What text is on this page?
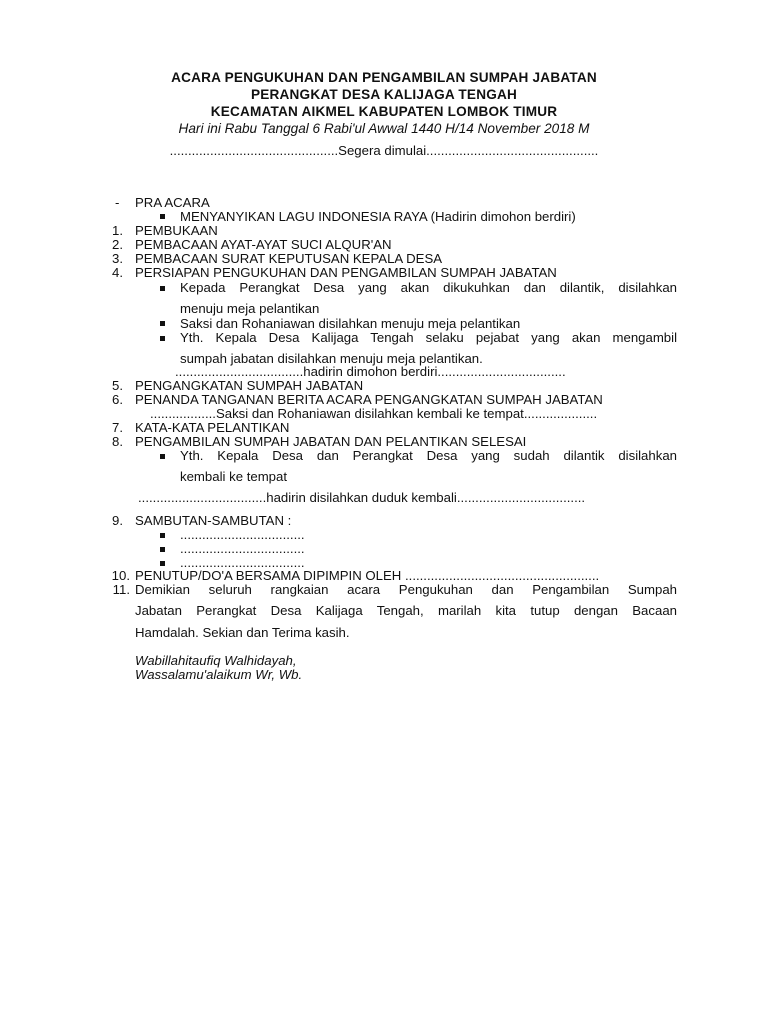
ACARA PENGUKUHAN DAN PENGAMBILAN SUMPAH JABATAN
PERANGKAT DESA KALIJAGA TENGAH
KECAMATAN AIKMEL KABUPATEN LOMBOK TIMUR
Hari ini Rabu Tanggal 6 Rabi'ul Awwal 1440 H/14 November 2018 M
..............................................Segera dimulai...............................................
- PRA ACARA
MENYANYIKAN LAGU INDONESIA RAYA (Hadirin dimohon berdiri)
1. PEMBUKAAN
2. PEMBACAAN AYAT-AYAT SUCI ALQUR'AN
3. PEMBACAAN SURAT KEPUTUSAN KEPALA DESA
4. PERSIAPAN PENGUKUHAN DAN PENGAMBILAN SUMPAH JABATAN
Kepada Perangkat Desa yang akan dikukuhkan dan dilantik, disilahkan
menuju meja pelantikan
Saksi dan Rohaniawan disilahkan menuju meja pelantikan
Yth. Kepala Desa Kalijaga Tengah selaku pejabat yang akan mengambil
sumpah jabatan disilahkan menuju meja pelantikan.
...................................hadirin dimohon berdiri...................................
5. PENGANGKATAN SUMPAH JABATAN
6. PENANDA TANGANAN BERITA ACARA PENGANGKATAN SUMPAH JABATAN
..................Saksi dan Rohaniawan disilahkan kembali ke tempat....................
7. KATA-KATA PELANTIKAN
8. PENGAMBILAN SUMPAH JABATAN DAN PELANTIKAN SELESAI
Yth. Kepala Desa dan Perangkat Desa yang sudah dilantik disilahkan
kembali ke tempat
...................................hadirin disilahkan duduk kembali...................................
9. SAMBUTAN-SAMBUTAN :
..................................
..................................
..................................
10. PENUTUP/DO'A BERSAMA DIPIMPIN OLEH .....................................................
11. Demikian seluruh rangkaian acara Pengukuhan dan Pengambilan Sumpah
Jabatan Perangkat Desa Kalijaga Tengah, marilah kita tutup dengan Bacaan
Hamdalah. Sekian dan Terima kasih.
Wabillahitaufiq Walhidayah,
Wassalamu'alaikum Wr, Wb.
